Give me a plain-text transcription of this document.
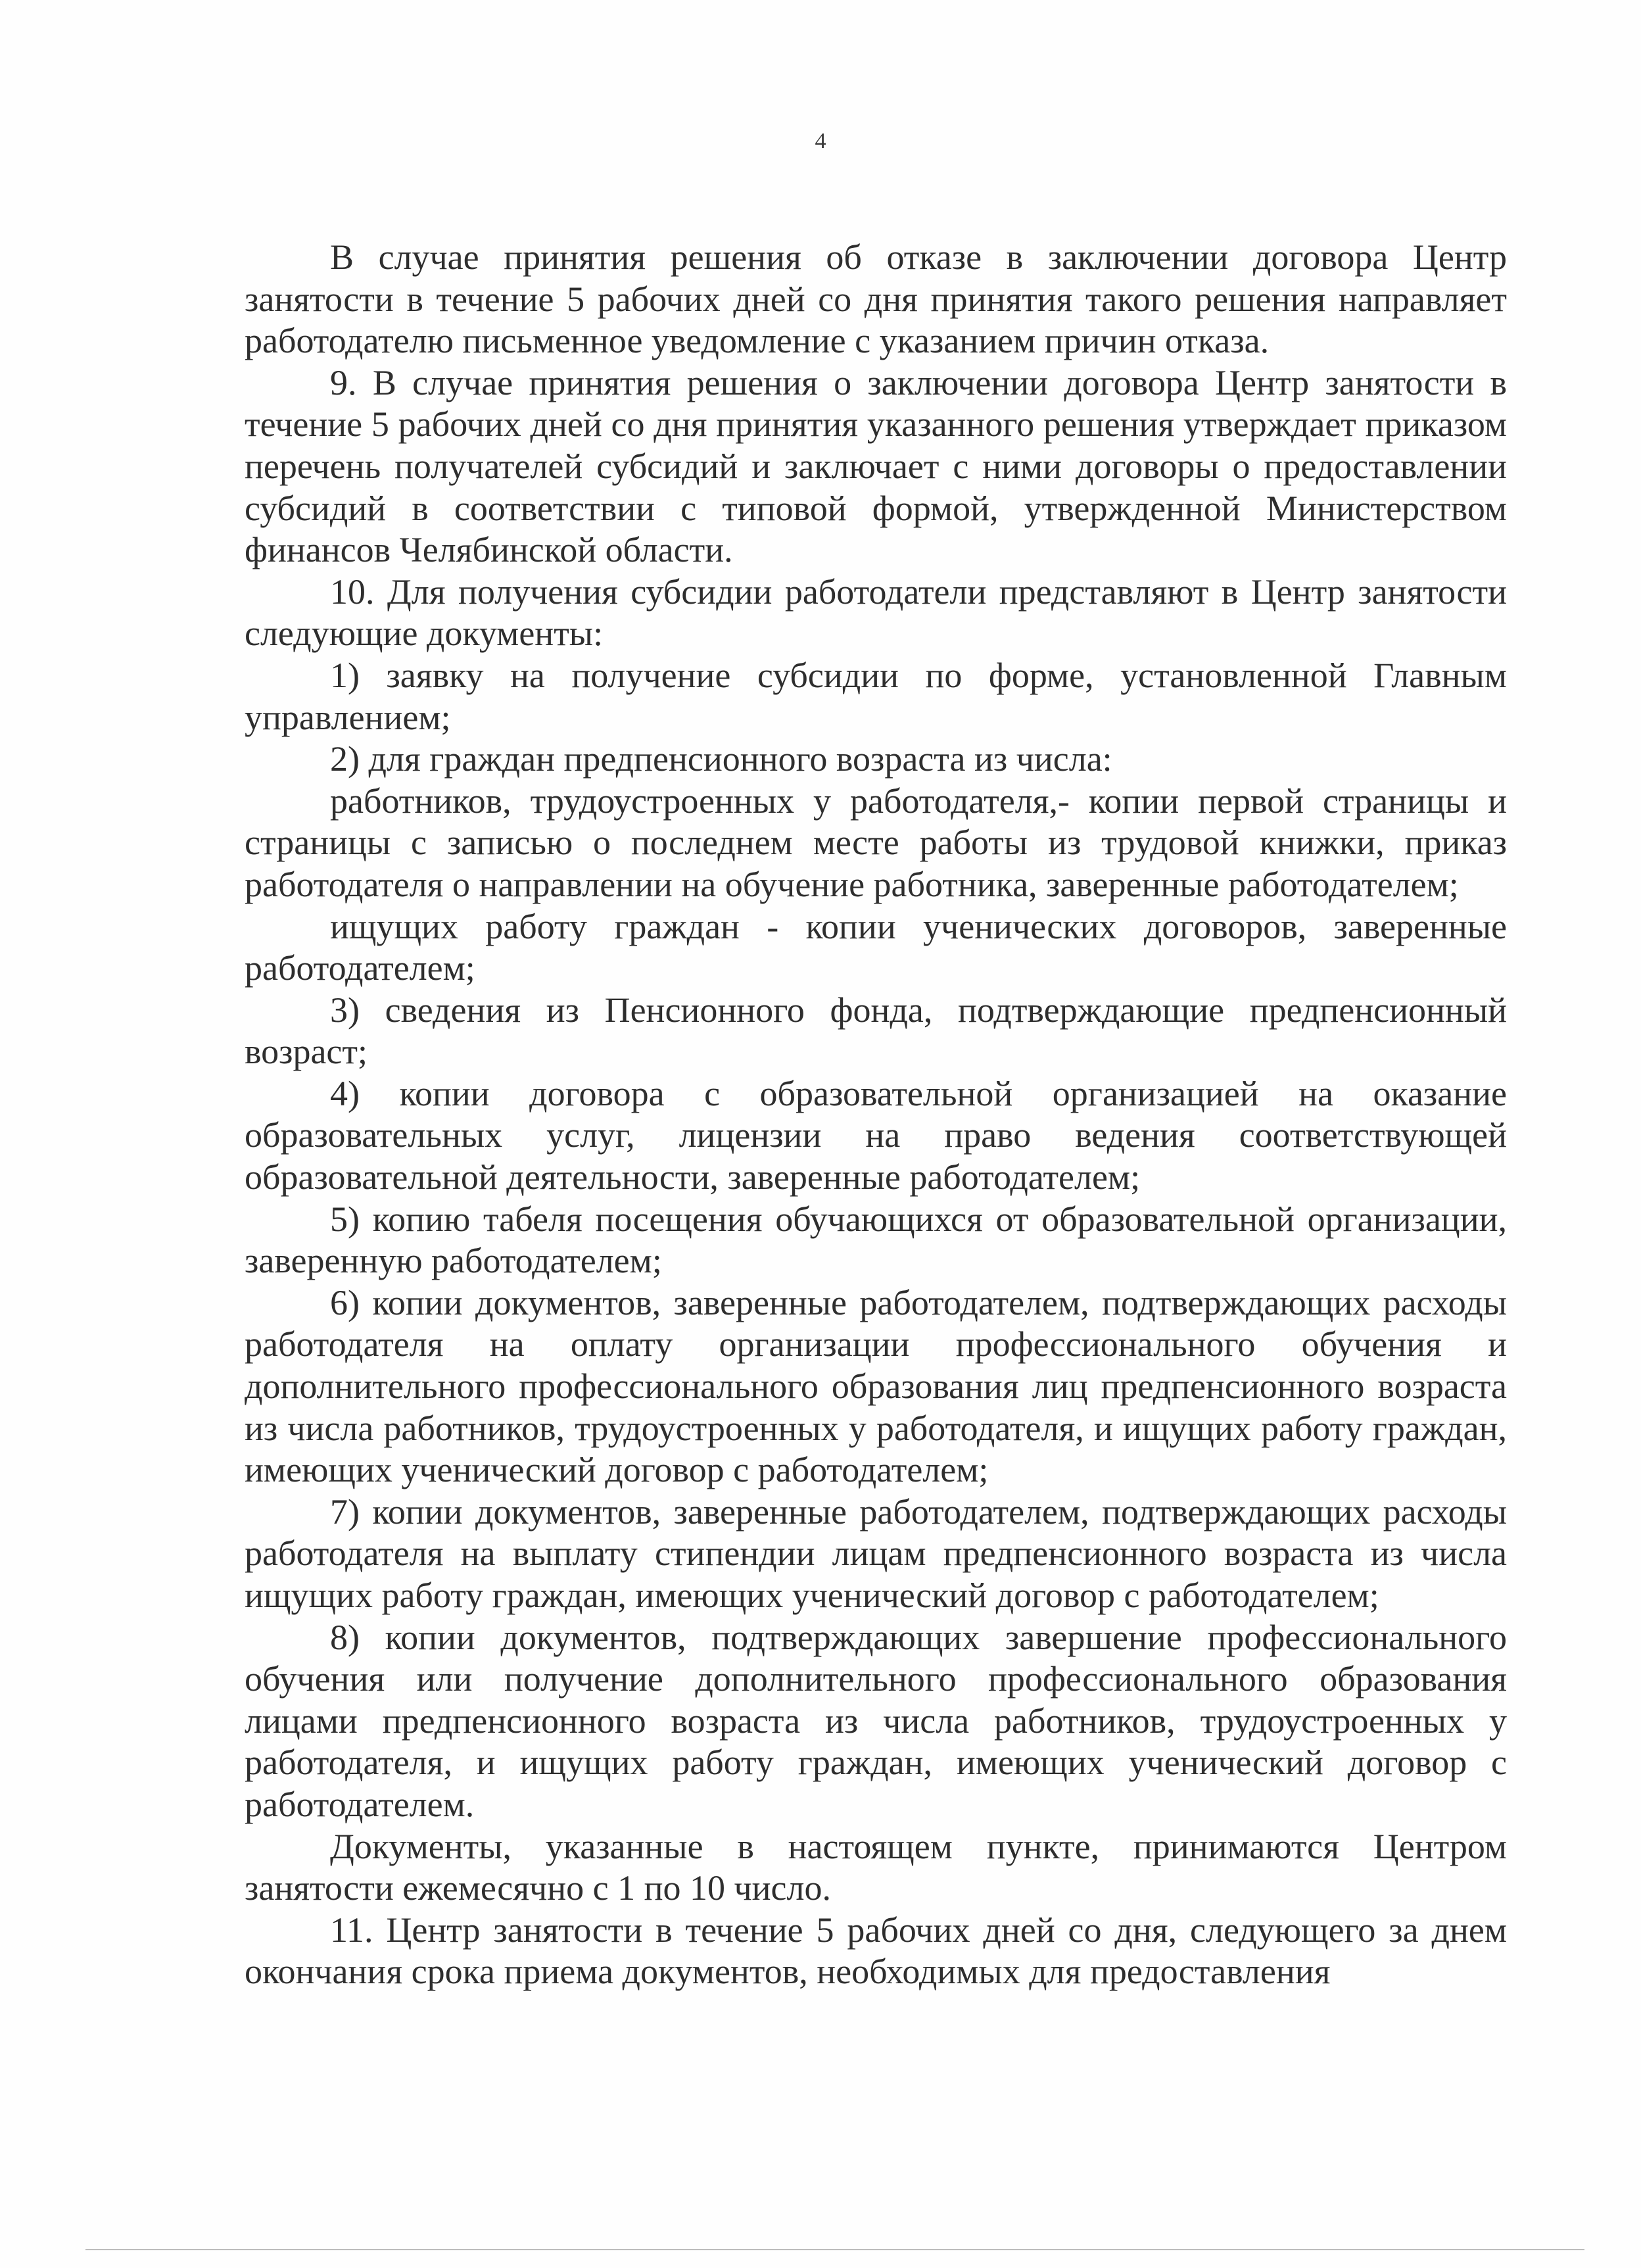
4

В случае принятия решения об отказе в заключении договора Центр занятости в течение 5 рабочих дней со дня принятия такого решения направляет работодателю письменное уведомление с указанием причин отказа.

9. В случае принятия решения о заключении договора Центр занятости в течение 5 рабочих дней со дня принятия указанного решения утверждает приказом перечень получателей субсидий и заключает с ними договоры о предоставлении субсидий в соответствии с типовой формой, утвержденной Министерством финансов Челябинской области.

10. Для получения субсидии работодатели представляют в Центр занятости следующие документы:

1) заявку на получение субсидии по форме, установленной Главным управлением;

2) для граждан предпенсионного возраста из числа:

работников, трудоустроенных у работодателя,- копии первой страницы и страницы с записью о последнем месте работы из трудовой книжки, приказ работодателя о направлении на обучение работника, заверенные работодателем;

ищущих работу граждан - копии ученических договоров, заверенные работодателем;

3) сведения из Пенсионного фонда, подтверждающие предпенсионный возраст;

4) копии договора с образовательной организацией на оказание образовательных услуг, лицензии на право ведения соответствующей образовательной деятельности, заверенные работодателем;

5) копию табеля посещения обучающихся от образовательной организации, заверенную работодателем;

6) копии документов, заверенные работодателем, подтверждающих расходы работодателя на оплату организации профессионального обучения и дополнительного профессионального образования лиц предпенсионного возраста из числа работников, трудоустроенных у работодателя, и ищущих работу граждан, имеющих ученический договор с работодателем;

7) копии документов, заверенные работодателем, подтверждающих расходы работодателя на выплату стипендии лицам предпенсионного возраста из числа ищущих работу граждан, имеющих ученический договор с работодателем;

8) копии документов, подтверждающих завершение профессионального обучения или получение дополнительного профессионального образования лицами предпенсионного возраста из числа работников, трудоустроенных у работодателя, и ищущих работу граждан, имеющих ученический договор с работодателем.

Документы, указанные в настоящем пункте, принимаются Центром занятости ежемесячно с 1 по 10 число.

11. Центр занятости в течение 5 рабочих дней со дня, следующего за днем окончания срока приема документов, необходимых для предоставления
